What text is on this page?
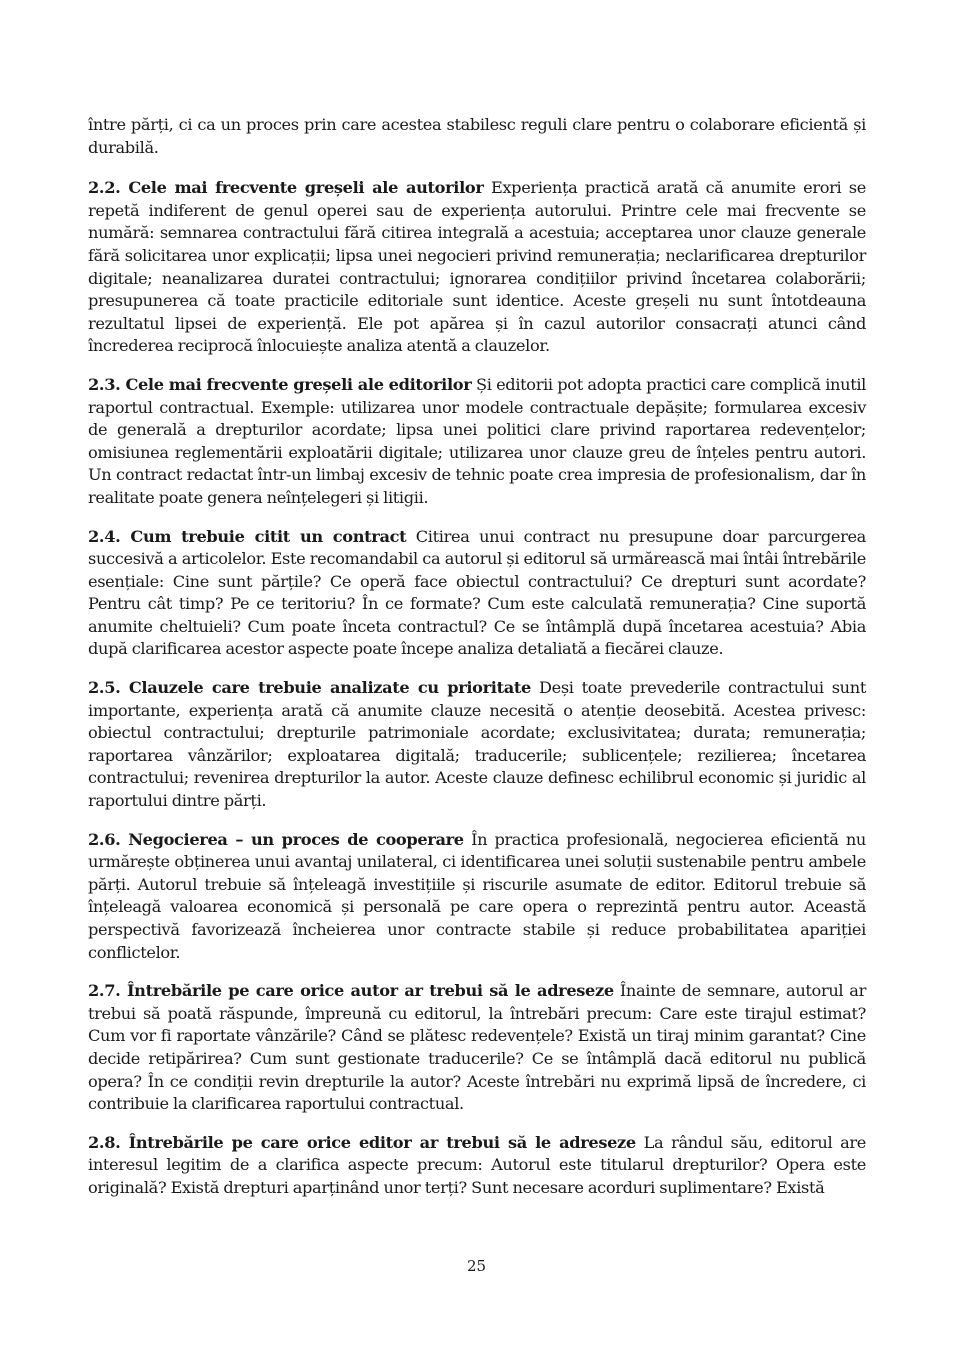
între părți, ci ca un proces prin care acestea stabilesc reguli clare pentru o colaborare eficientă și durabilă.

2.2. Cele mai frecvente greșeli ale autorilor Experiența practică arată că anumite erori se repetă indiferent de genul operei sau de experiența autorului. Printre cele mai frecvente se numără: semnarea contractului fără citirea integrală a acestuia; acceptarea unor clauze generale fără solicitarea unor explicații; lipsa unei negocieri privind remunerația; neclarificarea drepturilor digitale; neanalizarea duratei contractului; ignorarea condițiilor privind încetarea colaborării; presupunerea că toate practicile editoriale sunt identice. Aceste greșeli nu sunt întotdeauna rezultatul lipsei de experiență. Ele pot apărea și în cazul autorilor consacrați atunci când încrederea reciprocă înlocuiește analiza atentă a clauzelor.

2.3. Cele mai frecvente greșeli ale editorilor Și editorii pot adopta practici care complică inutil raportul contractual. Exemple: utilizarea unor modele contractuale depășite; formularea excesiv de generală a drepturilor acordate; lipsa unei politici clare privind raportarea redevențelor; omisiunea reglementării exploatării digitale; utilizarea unor clauze greu de înțeles pentru autori. Un contract redactat într-un limbaj excesiv de tehnic poate crea impresia de profesionalism, dar în realitate poate genera neînțelegeri și litigii.

2.4. Cum trebuie citit un contract Citirea unui contract nu presupune doar parcurgerea succesivă a articolelor. Este recomandabil ca autorul și editorul să urmărească mai întâi întrebările esențiale: Cine sunt părțile? Ce operă face obiectul contractului? Ce drepturi sunt acordate? Pentru cât timp? Pe ce teritoriu? În ce formate? Cum este calculată remunerația? Cine suportă anumite cheltuieli? Cum poate înceta contractul? Ce se întâmplă după încetarea acestuia? Abia după clarificarea acestor aspecte poate începe analiza detaliată a fiecărei clauze.

2.5. Clauzele care trebuie analizate cu prioritate Deși toate prevederile contractului sunt importante, experiența arată că anumite clauze necesită o atenție deosebită. Acestea privesc: obiectul contractului; drepturile patrimoniale acordate; exclusivitatea; durata; remunerația; raportarea vânzărilor; exploatarea digitală; traducerile; sublicențele; rezilierea; încetarea contractului; revenirea drepturilor la autor. Aceste clauze definesc echilibrul economic și juridic al raportului dintre părți.

2.6. Negocierea – un proces de cooperare În practica profesională, negocierea eficientă nu urmărește obținerea unui avantaj unilateral, ci identificarea unei soluții sustenabile pentru ambele părți. Autorul trebuie să înțeleagă investițiile și riscurile asumate de editor. Editorul trebuie să înțeleagă valoarea economică și personală pe care opera o reprezintă pentru autor. Această perspectivă favorizează încheierea unor contracte stabile și reduce probabilitatea apariției conflictelor.

2.7. Întrebările pe care orice autor ar trebui să le adreseze Înainte de semnare, autorul ar trebui să poată răspunde, împreună cu editorul, la întrebări precum: Care este tirajul estimat? Cum vor fi raportate vânzările? Când se plătesc redevențele? Există un tiraj minim garantat? Cine decide retipărirea? Cum sunt gestionate traducerile? Ce se întâmplă dacă editorul nu publică opera? În ce condiții revin drepturile la autor? Aceste întrebări nu exprimă lipsă de încredere, ci contribuie la clarificarea raportului contractual.

2.8. Întrebările pe care orice editor ar trebui să le adreseze La rândul său, editorul are interesul legitim de a clarifica aspecte precum: Autorul este titularul drepturilor? Opera este originală? Există drepturi aparținând unor terți? Sunt necesare acorduri suplimentare? Există

25
